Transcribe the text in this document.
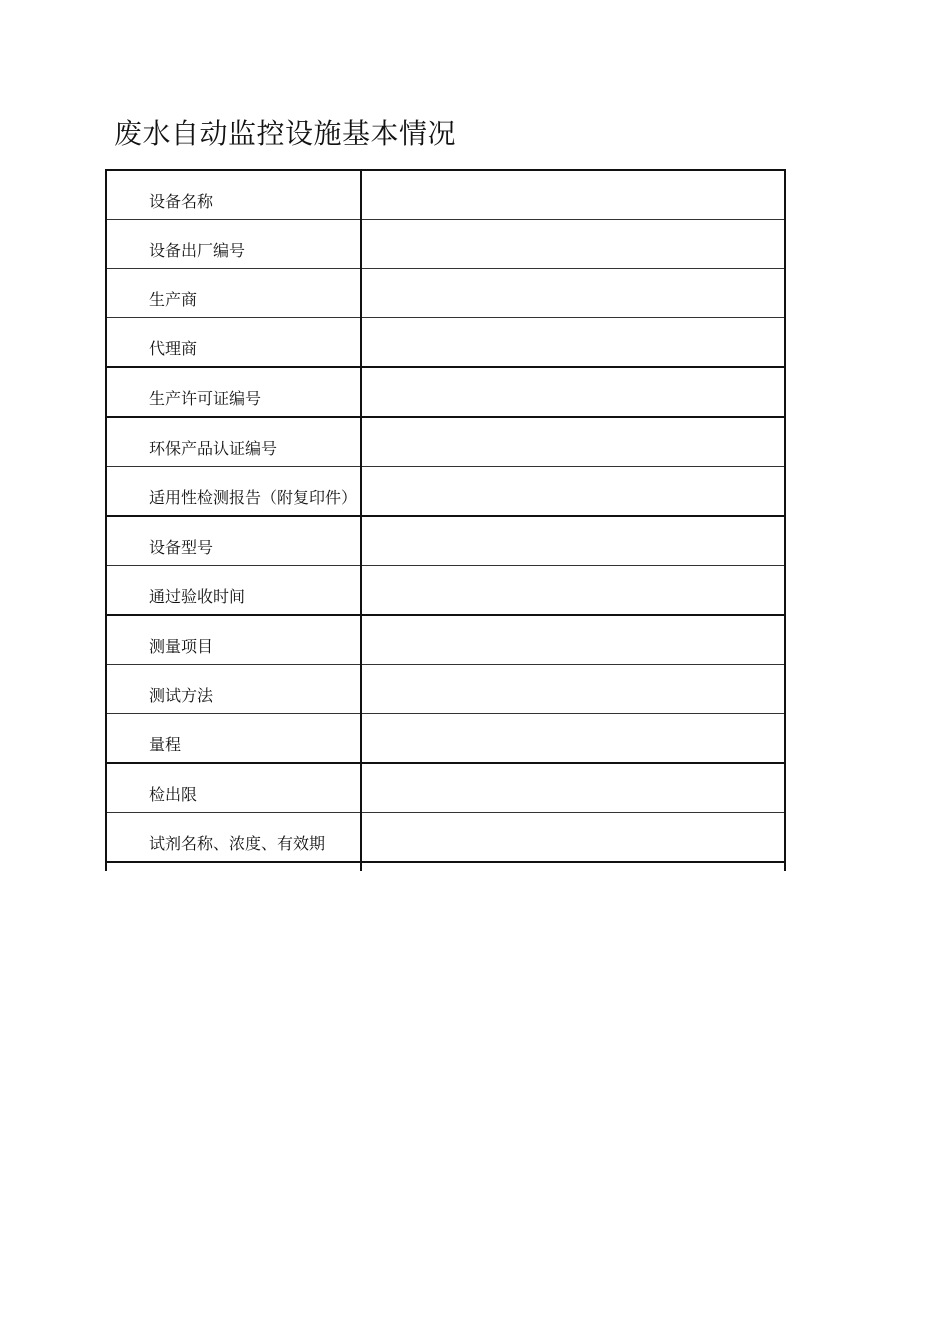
废水自动监控设施基本情况
设备名称	

设备出厂编号	

生产商	

代理商	

生产许可证编号	

环保产品认证编号	

适用性检测报告（附复印件）	

设备型号	

通过验收时间	

测量项目	

测试方法	

量程	

检出限	

试剂名称、浓度、有效期	
